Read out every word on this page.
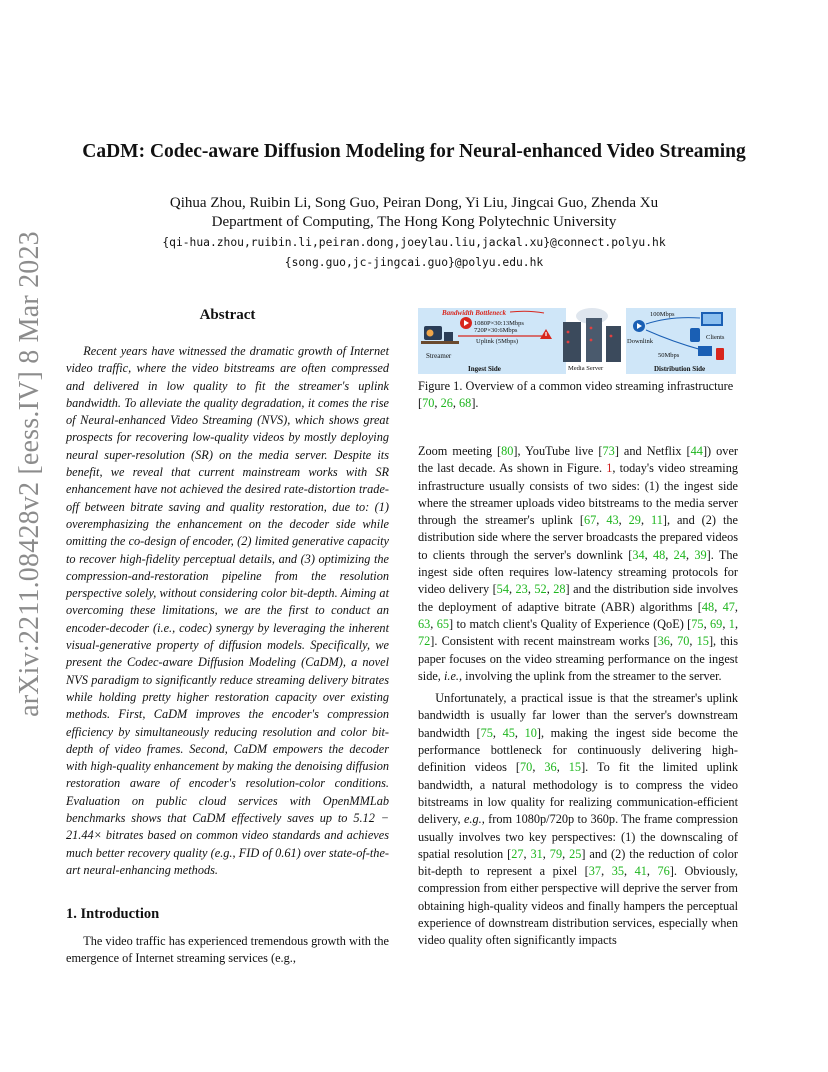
arXiv:2211.08428v2 [eess.IV] 8 Mar 2023
CaDM: Codec-aware Diffusion Modeling for Neural-enhanced Video Streaming
Qihua Zhou, Ruibin Li, Song Guo, Peiran Dong, Yi Liu, Jingcai Guo, Zhenda Xu
Department of Computing, The Hong Kong Polytechnic University
{qi-hua.zhou,ruibin.li,peiran.dong,joeylau.liu,jackal.xu}@connect.polyu.hk
{song.guo,jc-jingcai.guo}@polyu.edu.hk
Abstract

Recent years have witnessed the dramatic growth of Internet video traffic, where the video bitstreams are often compressed and delivered in low quality to fit the streamer's uplink bandwidth. To alleviate the quality degradation, it comes the rise of Neural-enhanced Video Streaming (NVS), which shows great prospects for recovering low-quality videos by mostly deploying neural super-resolution (SR) on the media server. Despite its benefit, we reveal that current mainstream works with SR enhancement have not achieved the desired rate-distortion trade-off between bitrate saving and quality restoration, due to: (1) overemphasizing the enhancement on the decoder side while omitting the co-design of encoder, (2) limited generative capacity to recover high-fidelity perceptual details, and (3) optimizing the compression-and-restoration pipeline from the resolution perspective solely, without considering color bit-depth. Aiming at overcoming these limitations, we are the first to conduct an encoder-decoder (i.e., codec) synergy by leveraging the inherent visual-generative property of diffusion models. Specifically, we present the Codec-aware Diffusion Modeling (CaDM), a novel NVS paradigm to significantly reduce streaming delivery bitrates while holding pretty higher restoration capacity over existing methods. First, CaDM improves the encoder's compression efficiency by simultaneously reducing resolution and color bit-depth of video frames. Second, CaDM empowers the decoder with high-quality enhancement by making the denoising diffusion restoration aware of encoder's resolution-color conditions. Evaluation on public cloud services with OpenMMLab benchmarks shows that CaDM effectively saves up to 5.12 − 21.44× bitrates based on common video standards and achieves much better recovery quality (e.g., FID of 0.61) over state-of-the-art neural-enhancing methods.

1. Introduction

The video traffic has experienced tremendous growth with the emergence of Internet streaming services (e.g.,

Bandwidth Bottleneck
1080P×30:13Mbps
720P×30:6Mbps
Uplink (5Mbps)
Streamer
Ingest Side	Media Server
100Mbps
Downlink
50Mbps
Clients
Distribution Side

Figure 1. Overview of a common video streaming infrastructure [70, 26, 68].

Zoom meeting [80], YouTube live [73] and Netflix [44]) over the last decade. As shown in Figure. 1, today's video streaming infrastructure usually consists of two sides: (1) the ingest side where the streamer uploads video bitstreams to the media server through the streamer's uplink [67, 43, 29, 11], and (2) the distribution side where the server broadcasts the prepared videos to clients through the server's downlink [34, 48, 24, 39]. The ingest side often requires low-latency streaming protocols for video delivery [54, 23, 52, 28] and the distribution side involves the deployment of adaptive bitrate (ABR) algorithms [48, 47, 63, 65] to match client's Quality of Experience (QoE) [75, 69, 1, 72]. Consistent with recent mainstream works [36, 70, 15], this paper focuses on the video streaming performance on the ingest side, i.e., involving the uplink from the streamer to the server.

Unfortunately, a practical issue is that the streamer's uplink bandwidth is usually far lower than the server's downstream bandwidth [75, 45, 10], making the ingest side become the performance bottleneck for continuously delivering high-definition videos [70, 36, 15]. To fit the limited uplink bandwidth, a natural methodology is to compress the video bitstreams in low quality for realizing communication-efficient delivery, e.g., from 1080p/720p to 360p. The frame compression usually involves two key perspectives: (1) the downscaling of spatial resolution [27, 31, 79, 25] and (2) the reduction of color bit-depth to represent a pixel [37, 35, 41, 76]. Obviously, compression from either perspective will deprive the server from obtaining high-quality videos and finally hampers the perceptual experience of downstream distribution services, especially when video quality often significantly impacts
